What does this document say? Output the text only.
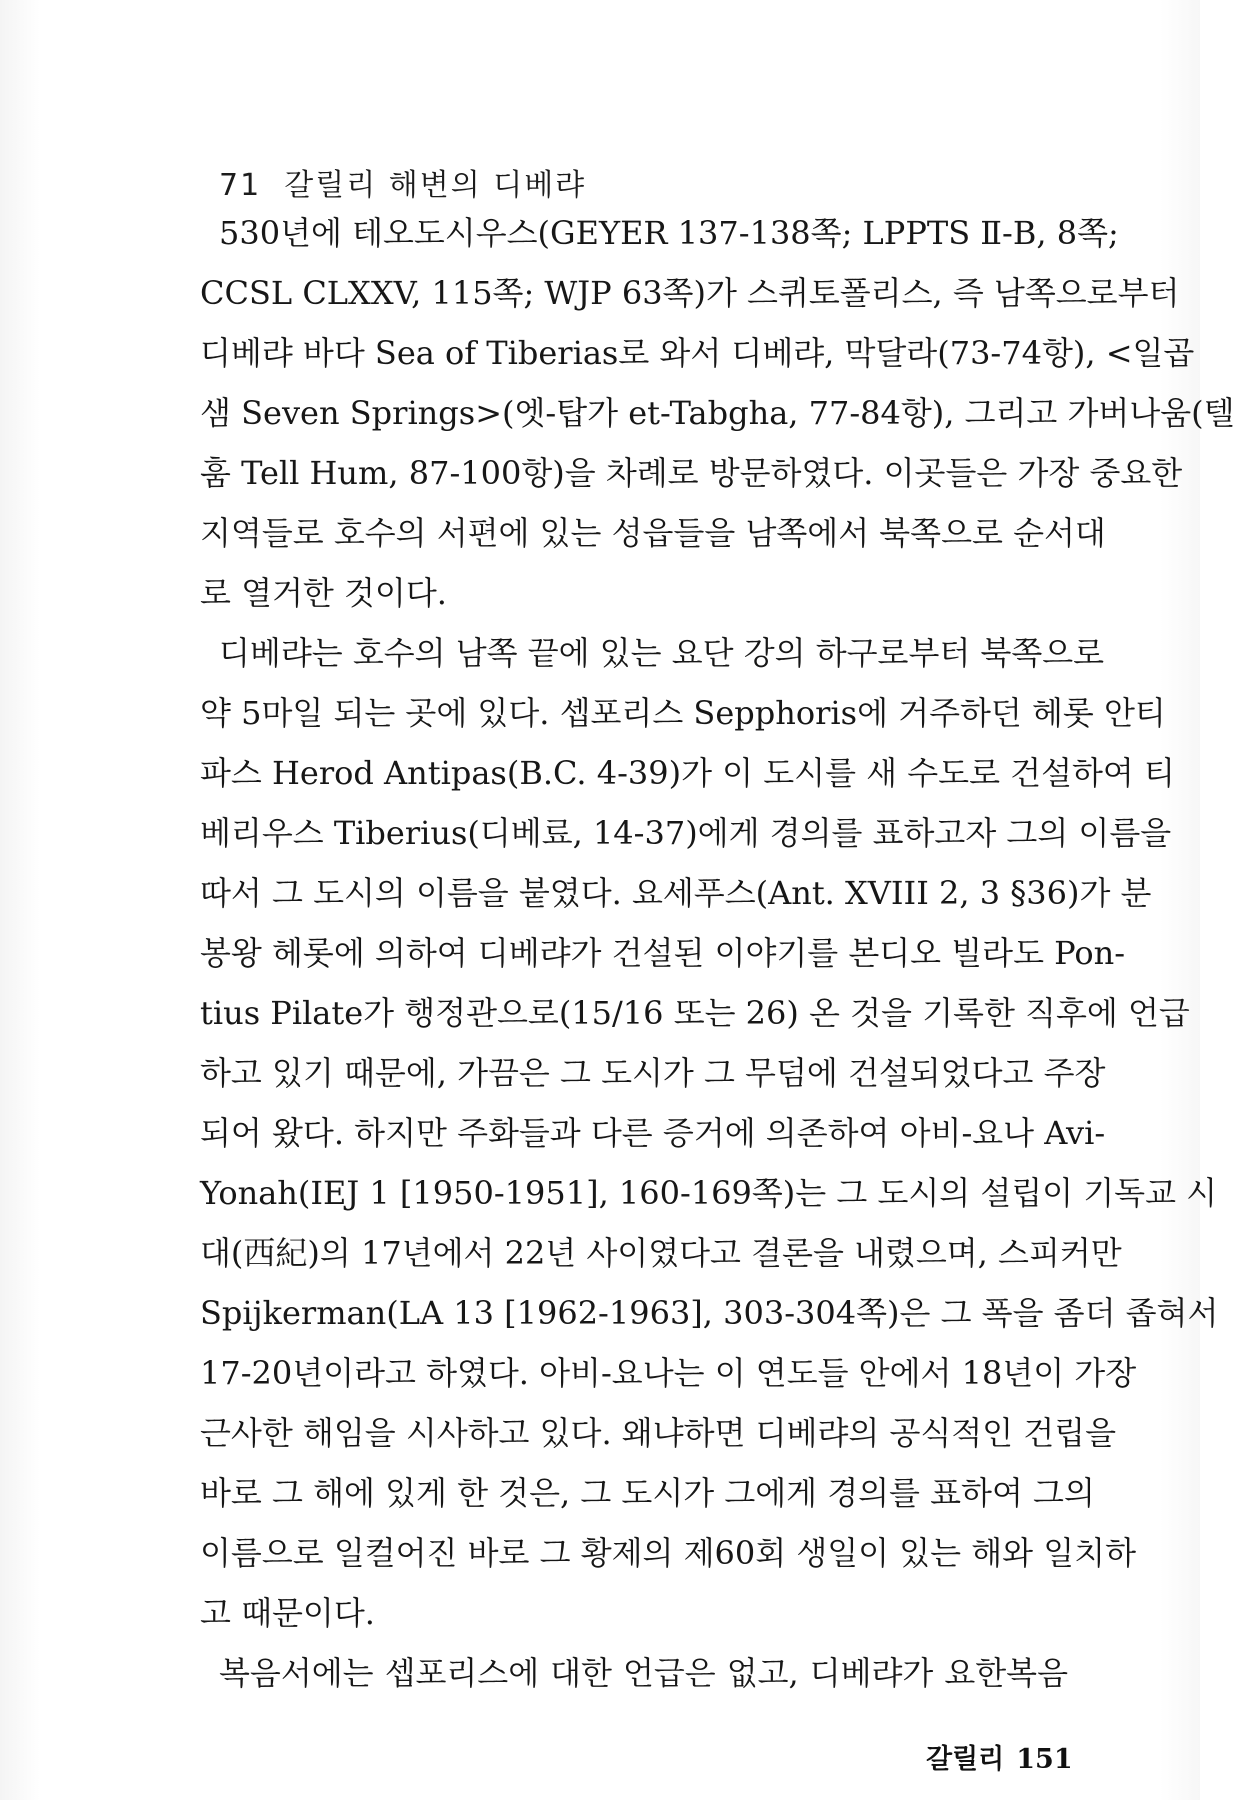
71 갈릴리 해변의 디베랴
530년에 테오도시우스(GEYER 137-138쪽; LPPTS Ⅱ-B, 8쪽;
CCSL CLXXV, 115쪽; WJP 63쪽)가 스퀴토폴리스, 즉 남쪽으로부터
디베랴 바다 Sea of Tiberias로 와서 디베랴, 막달라(73-74항), <일곱
샘 Seven Springs>(엣-탑가 et-Tabgha, 77-84항), 그리고 가버나움(텔
훔 Tell Hum, 87-100항)을 차례로 방문하였다. 이곳들은 가장 중요한
지역들로 호수의 서편에 있는 성읍들을 남쪽에서 북쪽으로 순서대
로 열거한 것이다.
디베랴는 호수의 남쪽 끝에 있는 요단 강의 하구로부터 북쪽으로
약 5마일 되는 곳에 있다. 셉포리스 Sepphoris에 거주하던 헤롯 안티
파스 Herod Antipas(B.C. 4-39)가 이 도시를 새 수도로 건설하여 티
베리우스 Tiberius(디베료, 14-37)에게 경의를 표하고자 그의 이름을
따서 그 도시의 이름을 붙였다. 요세푸스(Ant. XVIII 2, 3 §36)가 분
봉왕 헤롯에 의하여 디베랴가 건설된 이야기를 본디오 빌라도 Pon-
tius Pilate가 행정관으로(15/16 또는 26) 온 것을 기록한 직후에 언급
하고 있기 때문에, 가끔은 그 도시가 그 무덤에 건설되었다고 주장
되어 왔다. 하지만 주화들과 다른 증거에 의존하여 아비-요나 Avi-
Yonah(IEJ 1 [1950-1951], 160-169쪽)는 그 도시의 설립이 기독교 시
대(西紀)의 17년에서 22년 사이였다고 결론을 내렸으며, 스피커만
Spijkerman(LA 13 [1962-1963], 303-304쪽)은 그 폭을 좀더 좁혀서
17-20년이라고 하였다. 아비-요나는 이 연도들 안에서 18년이 가장
근사한 해임을 시사하고 있다. 왜냐하면 디베랴의 공식적인 건립을
바로 그 해에 있게 한 것은, 그 도시가 그에게 경의를 표하여 그의
이름으로 일컬어진 바로 그 황제의 제60회 생일이 있는 해와 일치하
고 때문이다.
복음서에는 셉포리스에 대한 언급은 없고, 디베랴가 요한복음
갈릴리 151
